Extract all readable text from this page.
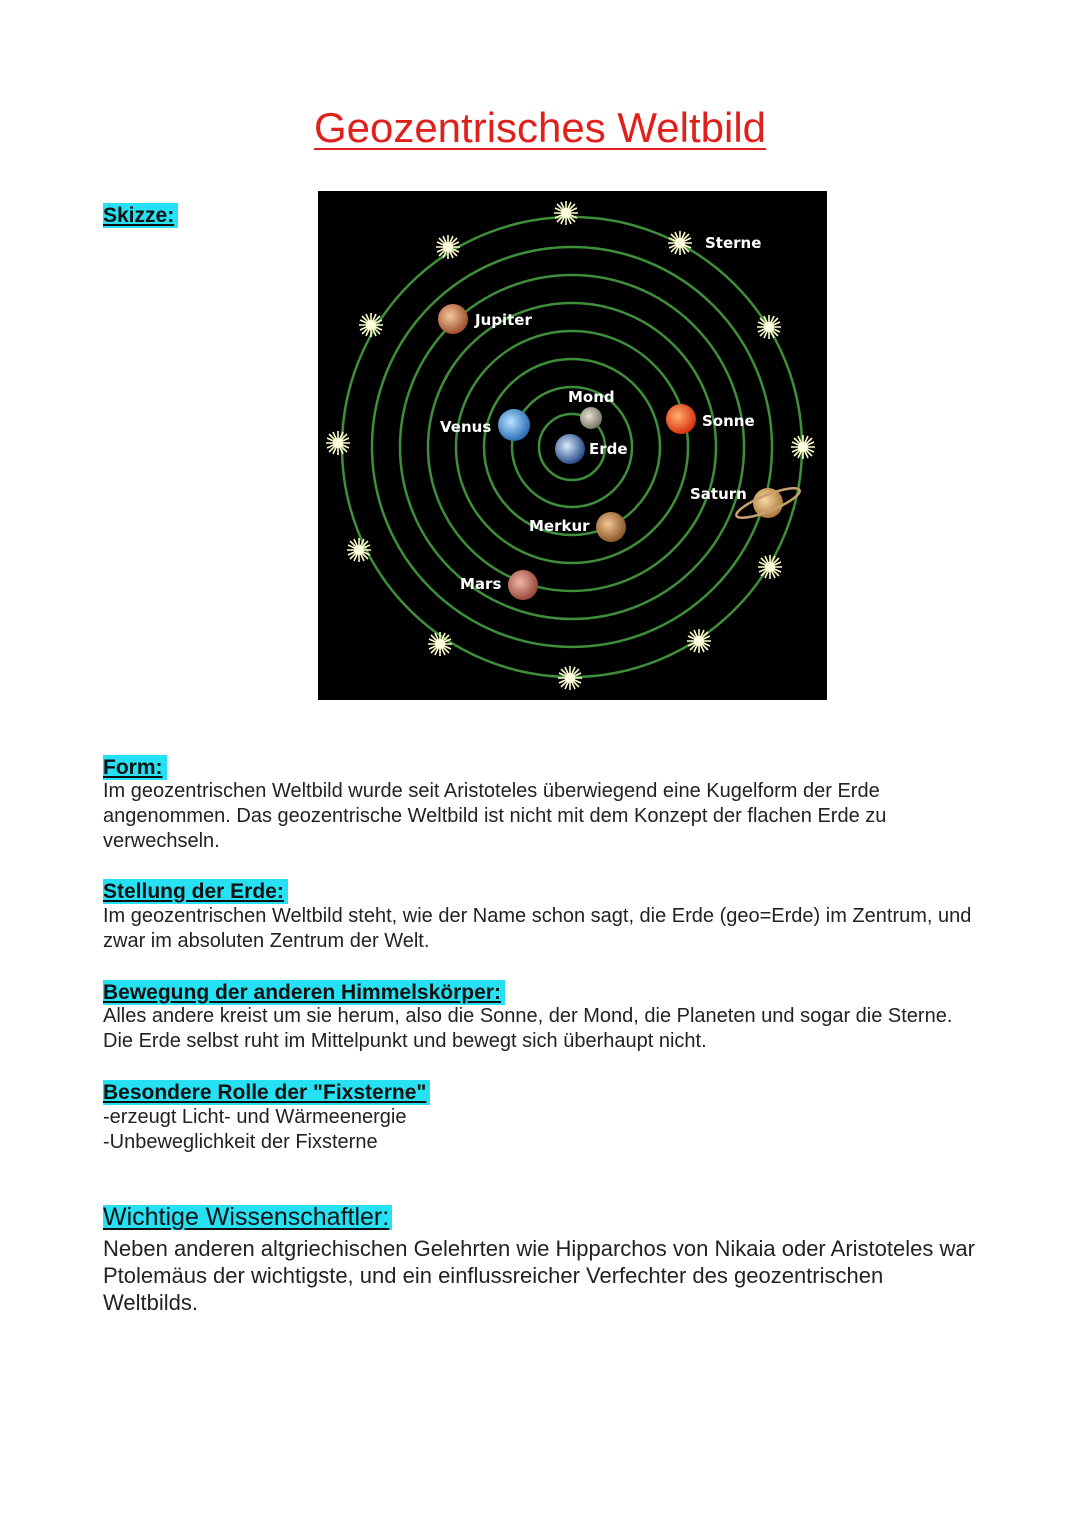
Geozentrisches Weltbild
Skizze:
Sterne
Jupiter
Mond
Venus
Erde
Sonne
Saturn
Merkur
Mars
Form:
Im geozentrischen Weltbild wurde seit Aristoteles überwiegend eine Kugelform der Erde angenommen. Das geozentrische Weltbild ist nicht mit dem Konzept der flachen Erde zu verwechseln.
Stellung der Erde:
Im geozentrischen Weltbild steht, wie der Name schon sagt, die Erde (geo=Erde) im Zentrum, und zwar im absoluten Zentrum der Welt.
Bewegung der anderen Himmelskörper:
Alles andere kreist um sie herum, also die Sonne, der Mond, die Planeten und sogar die Sterne. Die Erde selbst ruht im Mittelpunkt und bewegt sich überhaupt nicht.
Besondere Rolle der "Fixsterne"
-erzeugt Licht- und Wärmeenergie
-Unbeweglichkeit der Fixsterne
Wichtige Wissenschaftler:
Neben anderen altgriechischen Gelehrten wie Hipparchos von Nikaia oder Aristoteles war Ptolemäus der wichtigste, und ein einflussreicher Verfechter des geozentrischen Weltbilds.
